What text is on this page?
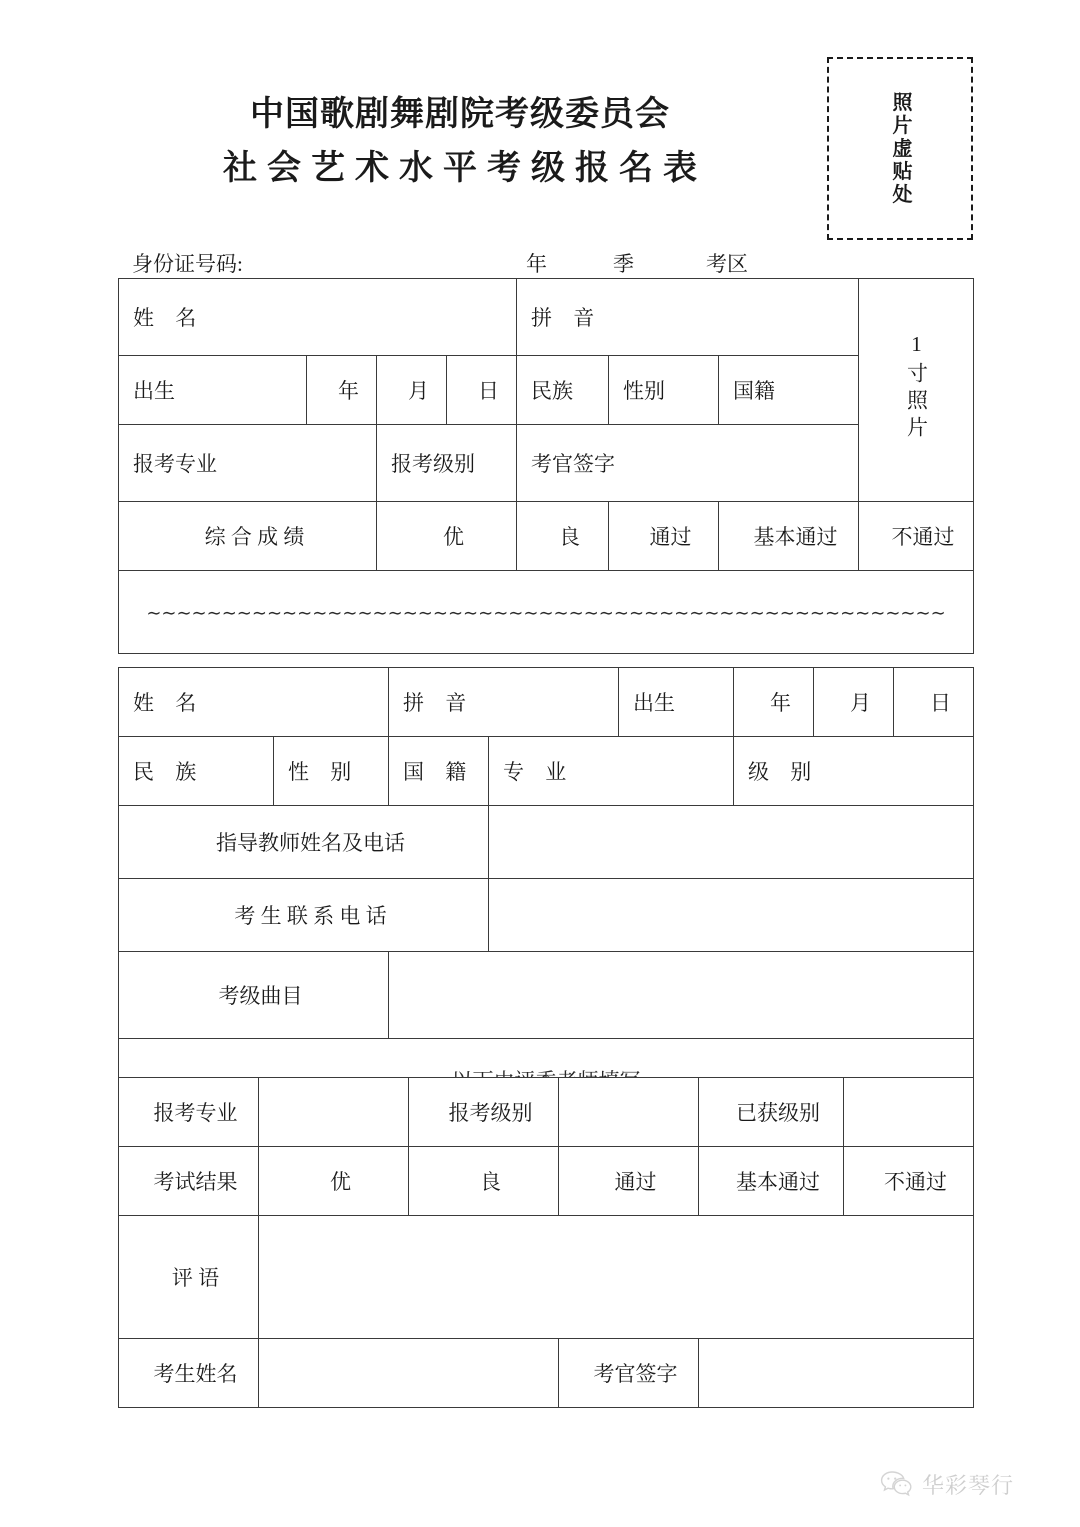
中国歌剧舞剧院考级委员会
社会艺术水平考级报名表	照片虚贴处
身份证号码:	年	季	考区
姓 名				拼 音			1寸照片
出生	年	月	日	民族	性别	国籍	
报考专业		报考级别		考官签字			
综 合 成 绩		优		良	通过	基本通过	不通过

∼∼∼∼∼∼∼∼∼∼∼∼∼∼∼∼∼∼∼∼∼∼∼∼∼∼∼∼∼∼∼∼∼∼∼∼∼∼∼∼∼∼∼∼∼∼∼∼∼∼∼∼∼							
姓 名		拼 音		出生	年	月	日
民 族	性 别	国 籍	专 业		级 别		
指导教师姓名及电话							
考 生 联 系 电 话							
考级曲目							

报考专业		报考级别		已获级别	
考试结果	优	良	通过	基本通过	不通过
评 语					
考生姓名			考官签字		
华彩琴行
